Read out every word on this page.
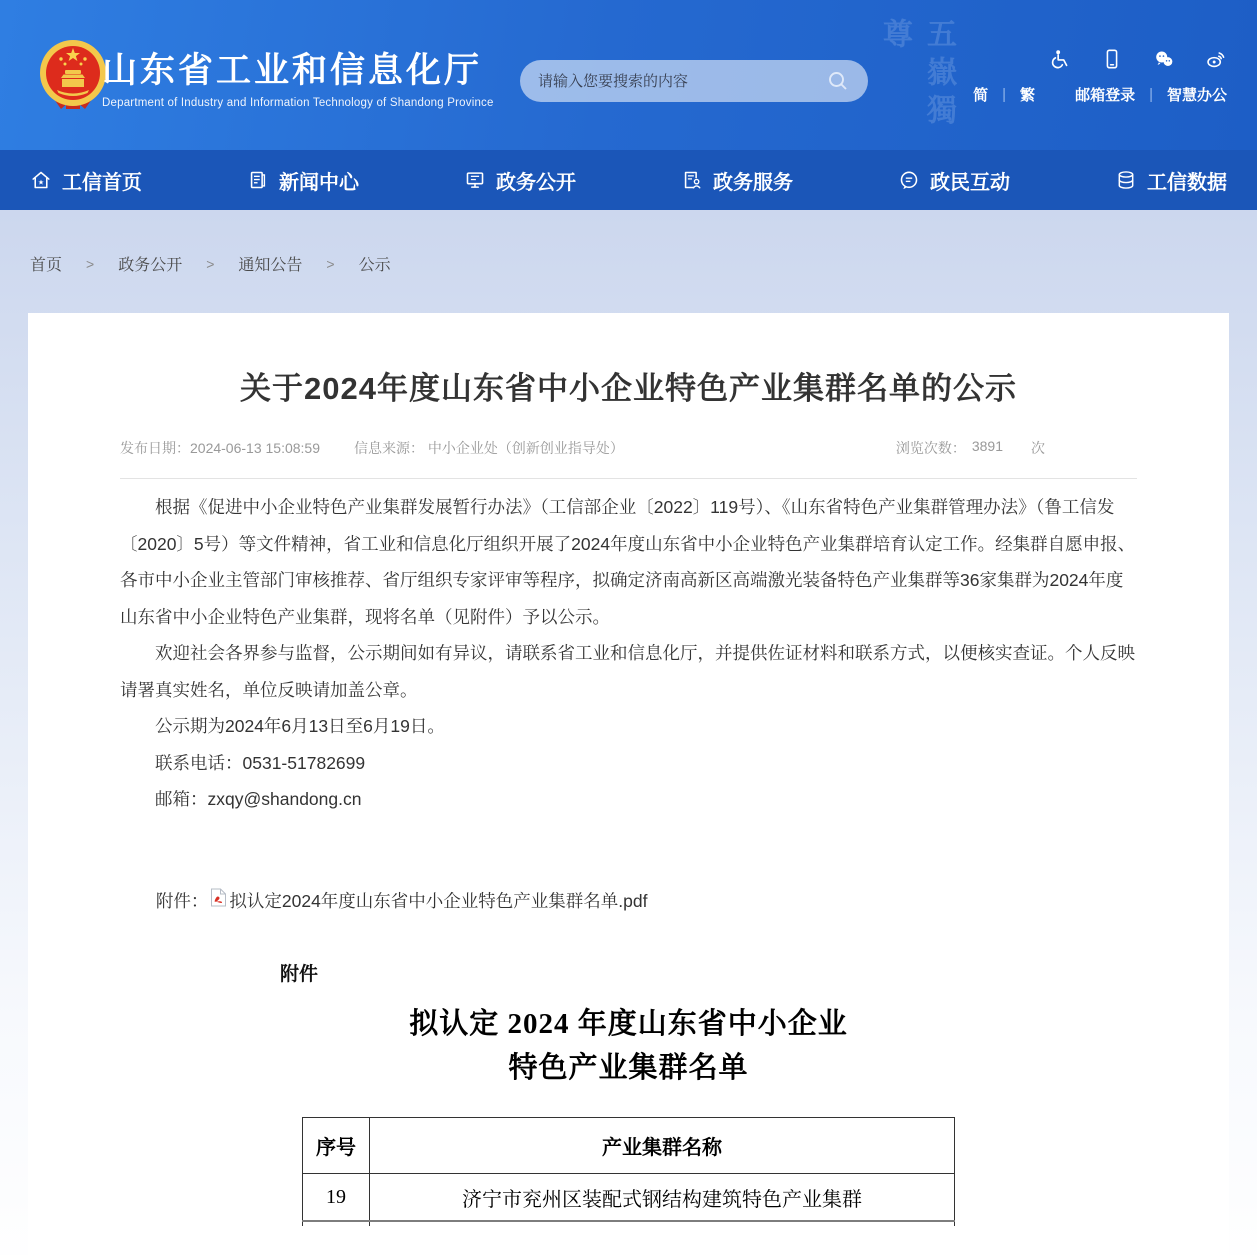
五嶽獨尊
山东省工业和信息化厅
Department of Industry and Information Technology of Shandong Province
请输入您要搜索的内容	简 | 繁	邮箱登录 | 智慧办公
工信首页	新闻中心	政务公开	政务服务	政民互动	工信数据
首页 > 政务公开 > 通知公告 > 公示
关于2024年度山东省中小企业特色产业集群名单的公示
发布日期：2024-06-13 15:08:59 信息来源： 中小企业处（创新创业指导处）	浏览次数： 3891 次

根据《促进中小企业特色产业集群发展暂行办法》（工信部企业〔2022〕119号）、《山东省特色产业集群管理办法》（鲁工信发〔2020〕5号）等文件精神，省工业和信息化厅组织开展了2024年度山东省中小企业特色产业集群培育认定工作。经集群自愿申报、各市中小企业主管部门审核推荐、省厅组织专家评审等程序，拟确定济南高新区高端激光装备特色产业集群等36家集群为2024年度山东省中小企业特色产业集群，现将名单（见附件）予以公示。

欢迎社会各界参与监督，公示期间如有异议，请联系省工业和信息化厅，并提供佐证材料和联系方式，以便核实查证。个人反映请署真实姓名，单位反映请加盖公章。

公示期为2024年6月13日至6月19日。

联系电话：0531-51782699

邮箱：zxqy@shandong.cn

附件： 拟认定2024年度山东省中小企业特色产业集群名单.pdf
附件
拟认定 2024 年度山东省中小企业
特色产业集群名单
序号	产业集群名称
19	济宁市兖州区装配式钢结构建筑特色产业集群
